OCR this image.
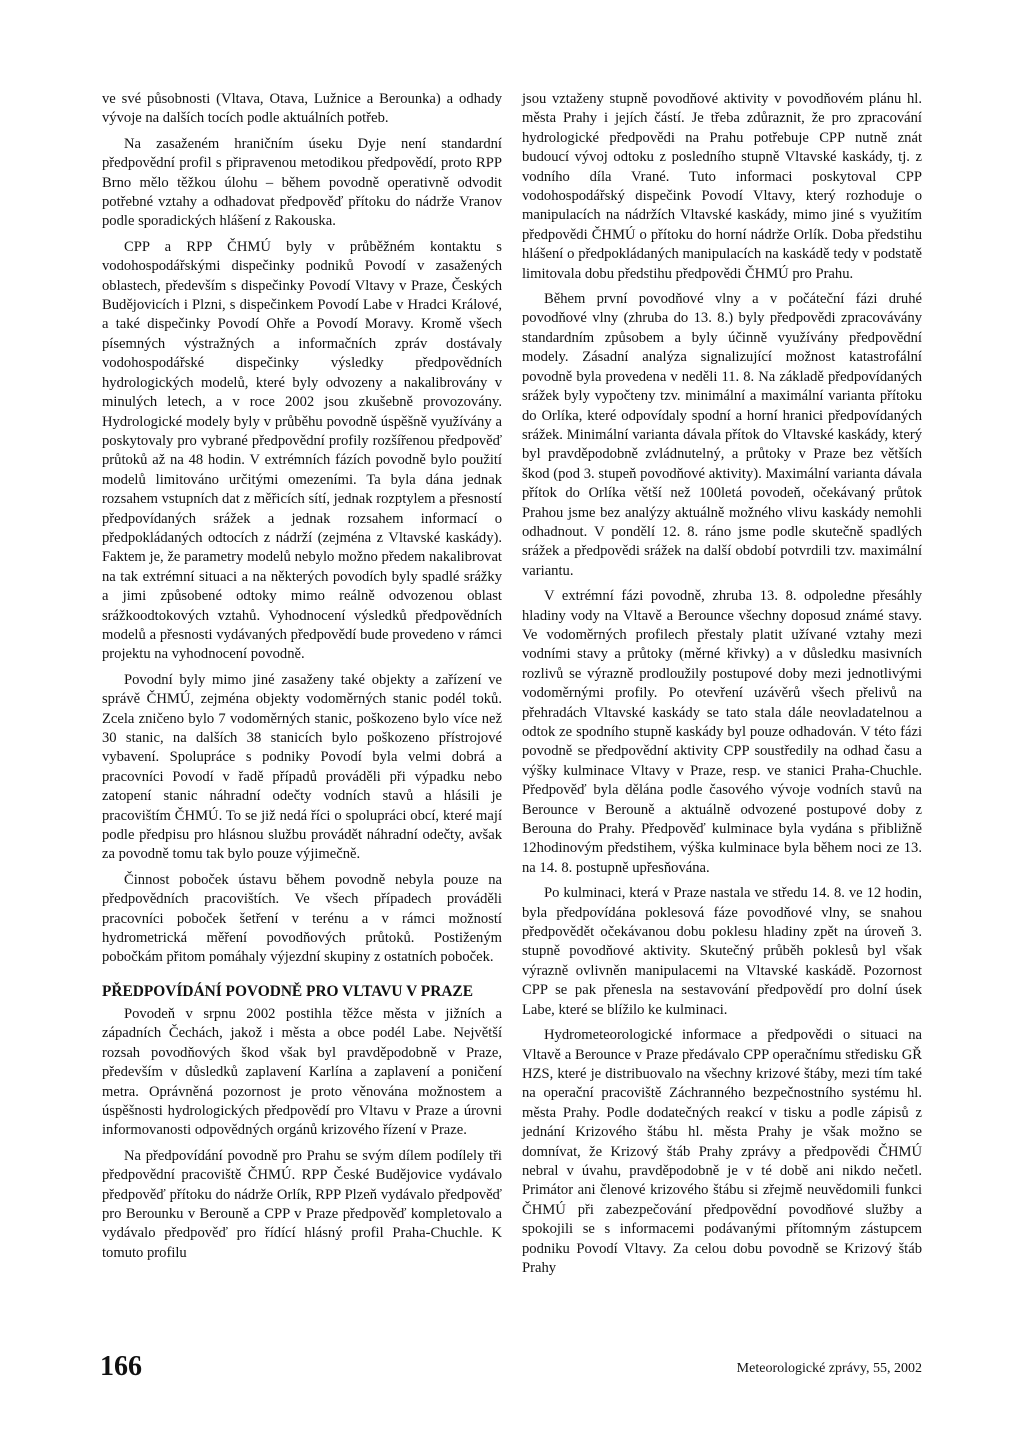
ve své působnosti (Vltava, Otava, Lužnice a Berounka) a odhady vývoje na dalších tocích podle aktuálních potřeb.

Na zasaženém hraničním úseku Dyje není standardní předpovědní profil s připravenou metodikou předpovědí, proto RPP Brno mělo těžkou úlohu – během povodně operativně odvodit potřebné vztahy a odhadovat předpověď přítoku do nádrže Vranov podle sporadických hlášení z Rakouska.

CPP a RPP ČHMÚ byly v průběžném kontaktu s vodohospodářskými dispečinky podniků Povodí v zasažených oblastech, především s dispečinky Povodí Vltavy v Praze, Českých Budějovicích i Plzni, s dispečinkem Povodí Labe v Hradci Králové, a také dispečinky Povodí Ohře a Povodí Moravy. Kromě všech písemných výstražných a informačních zpráv dostávaly vodohospodářské dispečinky výsledky předpovědních hydrologických modelů, které byly odvozeny a nakalibrovány v minulých letech, a v roce 2002 jsou zkušebně provozovány. Hydrologické modely byly v průběhu povodně úspěšně využívány a poskytovaly pro vybrané předpovědní profily rozšířenou předpověď průtoků až na 48 hodin. V extrémních fázích povodně bylo použití modelů limitováno určitými omezeními. Ta byla dána jednak rozsahem vstupních dat z měřicích sítí, jednak rozptylem a přesností předpovídaných srážek a jednak rozsahem informací o předpokládaných odtocích z nádrží (zejména z Vltavské kaskády). Faktem je, že parametry modelů nebylo možno předem nakalibrovat na tak extrémní situaci a na některých povodích byly spadlé srážky a jimi způsobené odtoky mimo reálně odvozenou oblast srážkoodtokových vztahů. Vyhodnocení výsledků předpovědních modelů a přesnosti vydávaných předpovědí bude provedeno v rámci projektu na vyhodnocení povodně.

Povodní byly mimo jiné zasaženy také objekty a zařízení ve správě ČHMÚ, zejména objekty vodoměrných stanic podél toků. Zcela zničeno bylo 7 vodoměrných stanic, poškozeno bylo více než 30 stanic, na dalších 38 stanicích bylo poškozeno přístrojové vybavení. Spolupráce s podniky Povodí byla velmi dobrá a pracovníci Povodí v řadě případů prováděli při výpadku nebo zatopení stanic náhradní odečty vodních stavů a hlásili je pracovištím ČHMÚ. To se již nedá říci o spolupráci obcí, které mají podle předpisu pro hlásnou službu provádět náhradní odečty, avšak za povodně tomu tak bylo pouze výjimečně.

Činnost poboček ústavu během povodně nebyla pouze na předpovědních pracovištích. Ve všech případech prováděli pracovníci poboček šetření v terénu a v rámci možností hydrometrická měření povodňových průtoků. Postiženým pobočkám přitom pomáhaly výjezdní skupiny z ostatních poboček.

PŘEDPOVÍDÁNÍ POVODNĚ PRO VLTAVU V PRAZE

Povodeň v srpnu 2002 postihla těžce města v jižních a západních Čechách, jakož i města a obce podél Labe. Největší rozsah povodňových škod však byl pravděpodobně v Praze, především v důsledků zaplavení Karlína a zaplavení a poničení metra. Oprávněná pozornost je proto věnována možnostem a úspěšnosti hydrologických předpovědí pro Vltavu v Praze a úrovni informovanosti odpovědných orgánů krizového řízení v Praze.

Na předpovídání povodně pro Prahu se svým dílem podílely tři předpovědní pracoviště ČHMÚ. RPP České Budějovice vydávalo předpověď přítoku do nádrže Orlík, RPP Plzeň vydávalo předpověď pro Berounku v Berouně a CPP v Praze předpověď kompletovalo a vydávalo předpověď pro řídící hlásný profil Praha-Chuchle. K tomuto profilu

jsou vztaženy stupně povodňové aktivity v povodňovém plánu hl. města Prahy i jejích částí. Je třeba zdůraznit, že pro zpracování hydrologické předpovědi na Prahu potřebuje CPP nutně znát budoucí vývoj odtoku z posledního stupně Vltavské kaskády, tj. z vodního díla Vrané. Tuto informaci poskytoval CPP vodohospodářský dispečink Povodí Vltavy, který rozhoduje o manipulacích na nádržích Vltavské kaskády, mimo jiné s využitím předpovědi ČHMÚ o přítoku do horní nádrže Orlík. Doba předstihu hlášení o předpokládaných manipulacích na kaskádě tedy v podstatě limitovala dobu předstihu předpovědi ČHMÚ pro Prahu.

Během první povodňové vlny a v počáteční fázi druhé povodňové vlny (zhruba do 13. 8.) byly předpovědi zpracovávány standardním způsobem a byly účinně využívány předpovědní modely. Zásadní analýza signalizující možnost katastrofální povodně byla provedena v neděli 11. 8. Na základě předpovídaných srážek byly vypočteny tzv. minimální a maximální varianta přítoku do Orlíka, které odpovídaly spodní a horní hranici předpovídaných srážek. Minimální varianta dávala přítok do Vltavské kaskády, který byl pravděpodobně zvládnutelný, a průtoky v Praze bez větších škod (pod 3. stupeň povodňové aktivity). Maximální varianta dávala přítok do Orlíka větší než 100letá povodeň, očekávaný průtok Prahou jsme bez analýzy aktuálně možného vlivu kaskády nemohli odhadnout. V pondělí 12. 8. ráno jsme podle skutečně spadlých srážek a předpovědi srážek na další období potvrdili tzv. maximální variantu.

V extrémní fázi povodně, zhruba 13. 8. odpoledne přesáhly hladiny vody na Vltavě a Berounce všechny doposud známé stavy. Ve vodoměrných profilech přestaly platit užívané vztahy mezi vodními stavy a průtoky (měrné křivky) a v důsledku masivních rozlivů se výrazně prodloužily postupové doby mezi jednotlivými vodoměrnými profily. Po otevření uzávěrů všech přelivů na přehradách Vltavské kaskády se tato stala dále neovladatelnou a odtok ze spodního stupně kaskády byl pouze odhadován. V této fázi povodně se předpovědní aktivity CPP soustředily na odhad času a výšky kulminace Vltavy v Praze, resp. ve stanici Praha-Chuchle. Předpověď byla dělána podle časového vývoje vodních stavů na Berounce v Berouně a aktuálně odvozené postupové doby z Berouna do Prahy. Předpověď kulminace byla vydána s přibližně 12hodinovým předstihem, výška kulminace byla během noci ze 13. na 14. 8. postupně upřesňována.

Po kulminaci, která v Praze nastala ve středu 14. 8. ve 12 hodin, byla předpovídána poklesová fáze povodňové vlny, se snahou předpovědět očekávanou dobu poklesu hladiny zpět na úroveň 3. stupně povodňové aktivity. Skutečný průběh poklesů byl však výrazně ovlivněn manipulacemi na Vltavské kaskádě. Pozornost CPP se pak přenesla na sestavování předpovědí pro dolní úsek Labe, které se blížilo ke kulminaci.

Hydrometeorologické informace a předpovědi o situaci na Vltavě a Berounce v Praze předávalo CPP operačnímu středisku GŘ HZS, které je distribuovalo na všechny krizové štáby, mezi tím také na operační pracoviště Záchranného bezpečnostního systému hl. města Prahy. Podle dodatečných reakcí v tisku a podle zápisů z jednání Krizového štábu hl. města Prahy je však možno se domnívat, že Krizový štáb Prahy zprávy a předpovědi ČHMÚ nebral v úvahu, pravděpodobně je v té době ani nikdo nečetl. Primátor ani členové krizového štábu si zřejmě neuvědomili funkci ČHMÚ při zabezpečování předpovědní povodňové služby a spokojili se s informacemi podávanými přítomným zástupcem podniku Povodí Vltavy. Za celou dobu povodně se Krizový štáb Prahy

166	Meteorologické zprávy, 55, 2002
